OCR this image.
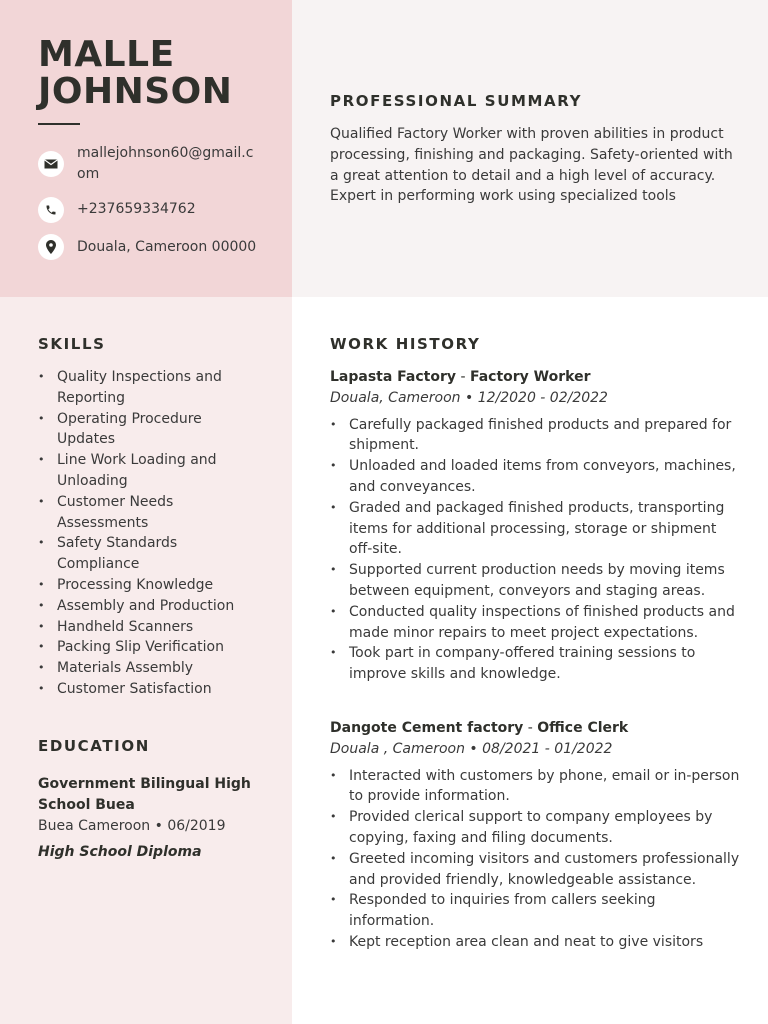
MALLE
JOHNSON
mallejohnson60@gmail.com
+237659334762
Douala, Cameroon 00000
PROFESSIONAL SUMMARY

Qualified Factory Worker with proven abilities in product processing, finishing and packaging. Safety-oriented with a great attention to detail and a high level of accuracy. Expert in performing work using specialized tools

SKILLS
• Quality Inspections and Reporting
• Operating Procedure Updates
• Line Work Loading and Unloading
• Customer Needs Assessments
• Safety Standards Compliance
• Processing Knowledge
• Assembly and Production
• Handheld Scanners
• Packing Slip Verification
• Materials Assembly
• Customer Satisfaction
EDUCATION
Government Bilingual High School Buea
Buea Cameroon • 06/2019
High School Diploma
WORK HISTORY
Lapasta Factory - Factory Worker
Douala, Cameroon • 12/2020 - 02/2022
• Carefully packaged finished products and prepared for shipment.
• Unloaded and loaded items from conveyors, machines, and conveyances.
• Graded and packaged finished products, transporting items for additional processing, storage or shipment off-site.
• Supported current production needs by moving items between equipment, conveyors and staging areas.
• Conducted quality inspections of finished products and made minor repairs to meet project expectations.
• Took part in company-offered training sessions to improve skills and knowledge.
Dangote Cement factory - Office Clerk
Douala , Cameroon • 08/2021 - 01/2022
• Interacted with customers by phone, email or in-person to provide information.
• Provided clerical support to company employees by copying, faxing and filing documents.
• Greeted incoming visitors and customers professionally and provided friendly, knowledgeable assistance.
• Responded to inquiries from callers seeking information.
• Kept reception area clean and neat to give visitors
